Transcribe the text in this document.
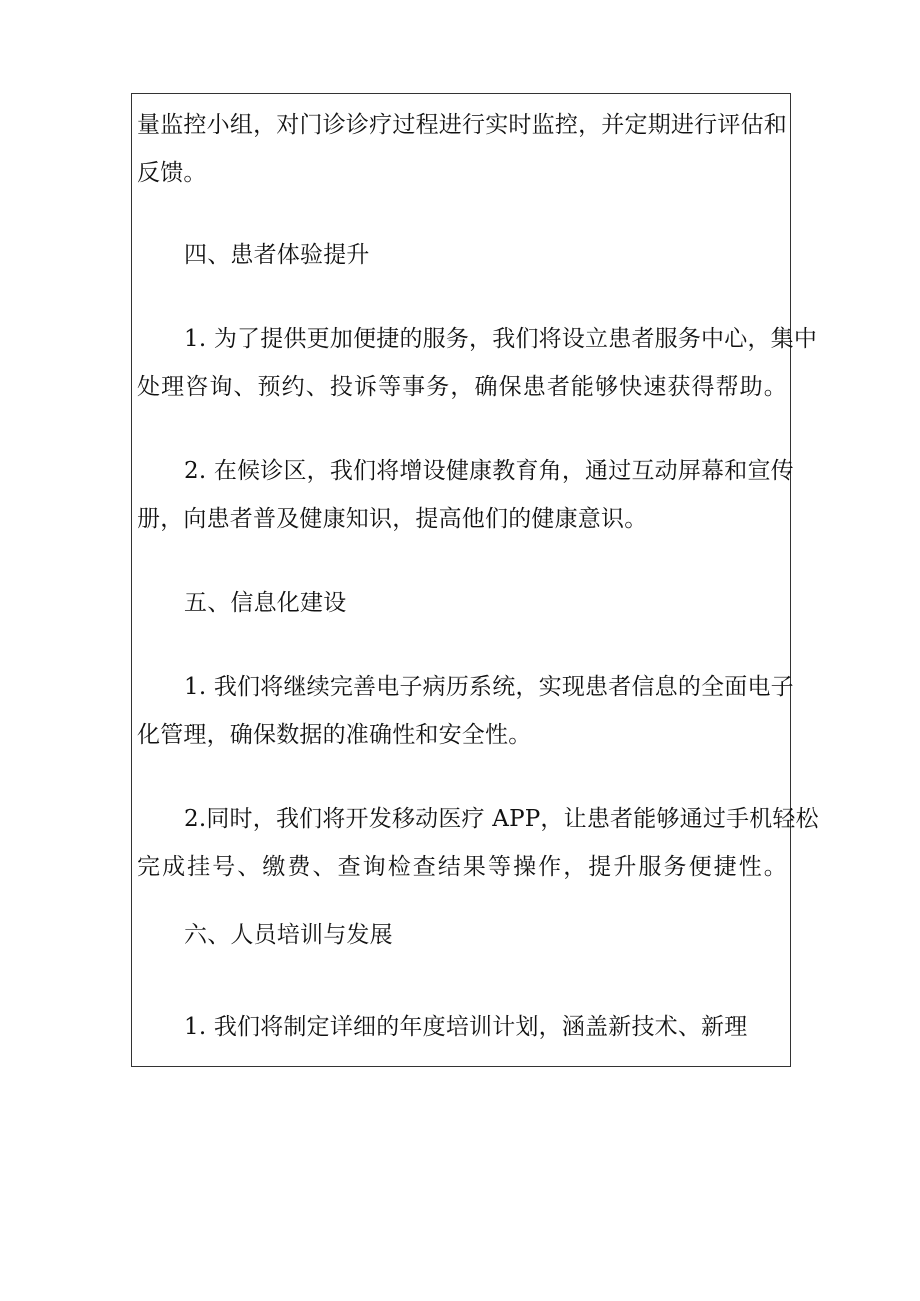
量监控小组，对门诊诊疗过程进行实时监控，并定期进行评估和
反馈。
四、患者体验提升
1. 为了提供更加便捷的服务，我们将设立患者服务中心，集中
处理咨询、预约、投诉等事务，确保患者能够快速获得帮助。
2. 在候诊区，我们将增设健康教育角，通过互动屏幕和宣传
册，向患者普及健康知识，提高他们的健康意识。
五、信息化建设
1. 我们将继续完善电子病历系统，实现患者信息的全面电子
化管理，确保数据的准确性和安全性。
2.同时，我们将开发移动医疗 APP，让患者能够通过手机轻松
完成挂号、缴费、查询检查结果等操作，提升服务便捷性。
六、人员培训与发展
1. 我们将制定详细的年度培训计划，涵盖新技术、新理
